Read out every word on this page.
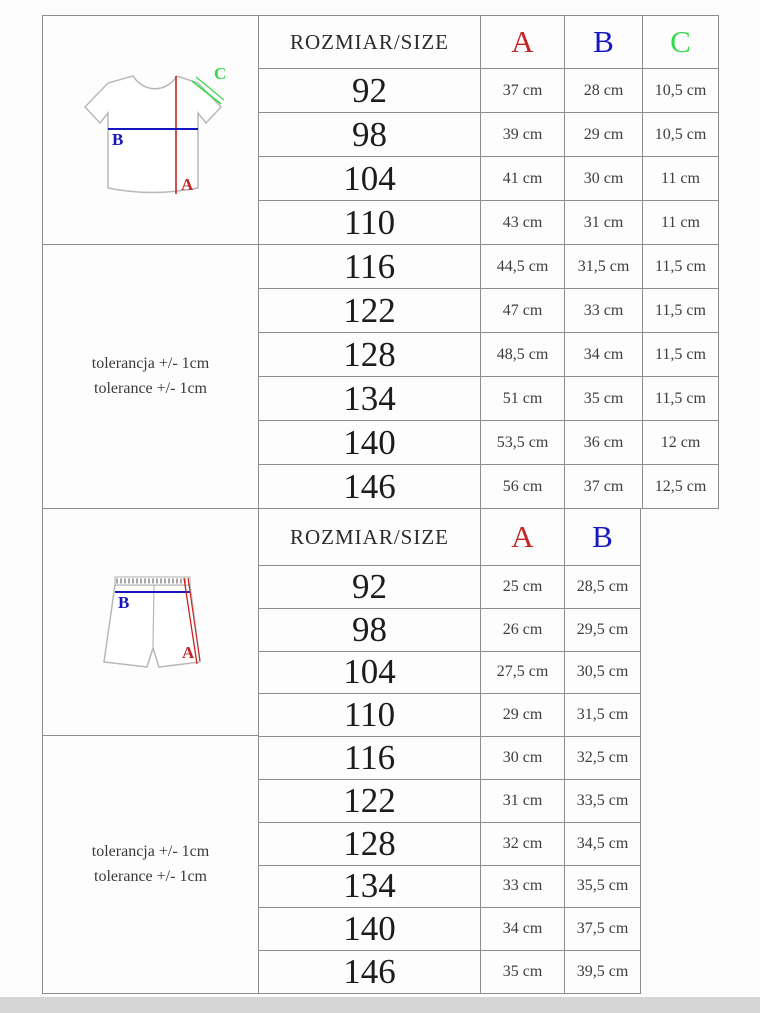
B
A
C
tolerancja +/- 1cm
tolerance +/- 1cm
ROZMIAR/SIZE	A	B	C
92	37 cm	28 cm	10,5 cm
98	39 cm	29 cm	10,5 cm
104	41 cm	30 cm	11 cm
110	43 cm	31 cm	11 cm
116	44,5 cm	31,5 cm	11,5 cm
122	47 cm	33 cm	11,5 cm
128	48,5 cm	34 cm	11,5 cm
134	51 cm	35 cm	11,5 cm
140	53,5 cm	36 cm	12 cm
146	56 cm	37 cm	12,5 cm
B
A
tolerancja +/- 1cm
tolerance +/- 1cm
ROZMIAR/SIZE	A	B
92	25 cm	28,5 cm
98	26 cm	29,5 cm
104	27,5 cm	30,5 cm
110	29 cm	31,5 cm
116	30 cm	32,5 cm
122	31 cm	33,5 cm
128	32 cm	34,5 cm
134	33 cm	35,5 cm
140	34 cm	37,5 cm
146	35 cm	39,5 cm
